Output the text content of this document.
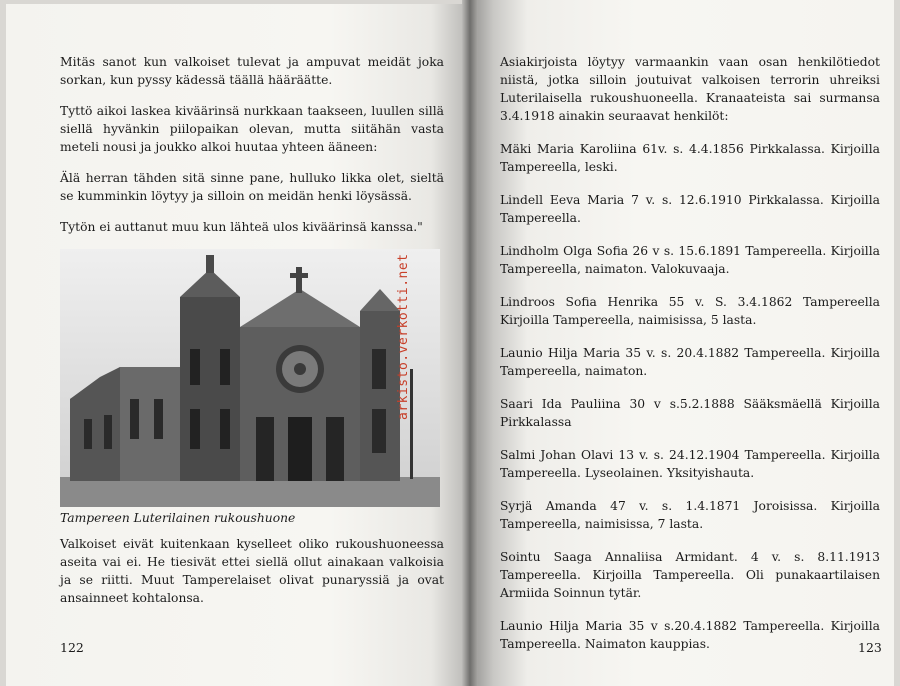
Mitäs sanot kun valkoiset tulevat ja ampuvat meidät joka sorkan, kun pyssy kädessä täällä hääräätte.

Tyttö aikoi laskea kiväärinsä nurkkaan taakseen, luullen sillä siellä hyvänkin piilopaikan olevan, mutta siitähän vasta meteli nousi ja joukko alkoi huutaa yhteen ääneen:

Älä herran tähden sitä sinne pane, hulluko likka olet, sieltä se kumminkin löytyy ja silloin on meidän henki löysässä.

Tytön ei auttanut muu kun lähteä ulos kiväärinsä kanssa."

Tampereen Luterilainen rukoushuone

Valkoiset eivät kuitenkaan kyselleet oliko rukoushuoneessa aseita vai ei. He tiesivät ettei siellä ollut ainakaan valkoisia ja se riitti. Muut Tamperelaiset olivat punaryssiä ja ovat ansainneet kohtalonsa.

arkisto.verkotti.net
122

Asiakirjoista löytyy varmaankin vaan osan henkilötiedot niistä, jotka silloin joutuivat valkoisen terrorin uhreiksi Luterilaisella rukoushuoneella. Kranaateista sai surmansa 3.4.1918 ainakin seuraavat henkilöt:

Mäki Maria Karoliina 61v. s. 4.4.1856 Pirkkalassa. Kirjoilla Tampereella, leski.

Lindell Eeva Maria 7 v. s. 12.6.1910 Pirkkalassa. Kirjoilla Tampereella.

Lindholm Olga Sofia 26 v s. 15.6.1891 Tampereella. Kirjoilla Tampereella, naimaton. Valokuvaaja.

Lindroos Sofia Henrika 55 v. S. 3.4.1862 Tampereella Kirjoilla Tampereella, naimisissa, 5 lasta.

Launio Hilja Maria 35 v. s. 20.4.1882 Tampereella. Kirjoilla Tampereella, naimaton.

Saari Ida Pauliina 30 v s.5.2.1888 Sääksmäellä Kirjoilla Pirkkalassa

Salmi Johan Olavi 13 v. s. 24.12.1904 Tampereella. Kirjoilla Tampereella. Lyseolainen. Yksityishauta.

Syrjä Amanda 47 v. s. 1.4.1871 Joroisissa. Kirjoilla Tampereella, naimisissa, 7 lasta.

Sointu Saaga Annaliisa Armidant. 4 v. s. 8.11.1913 Tampereella. Kirjoilla Tampereella. Oli punakaartilaisen Armiida Soinnun tytär.

Launio Hilja Maria 35 v s.20.4.1882 Tampereella. Kirjoilla Tampereella. Naimaton kauppias.	123
